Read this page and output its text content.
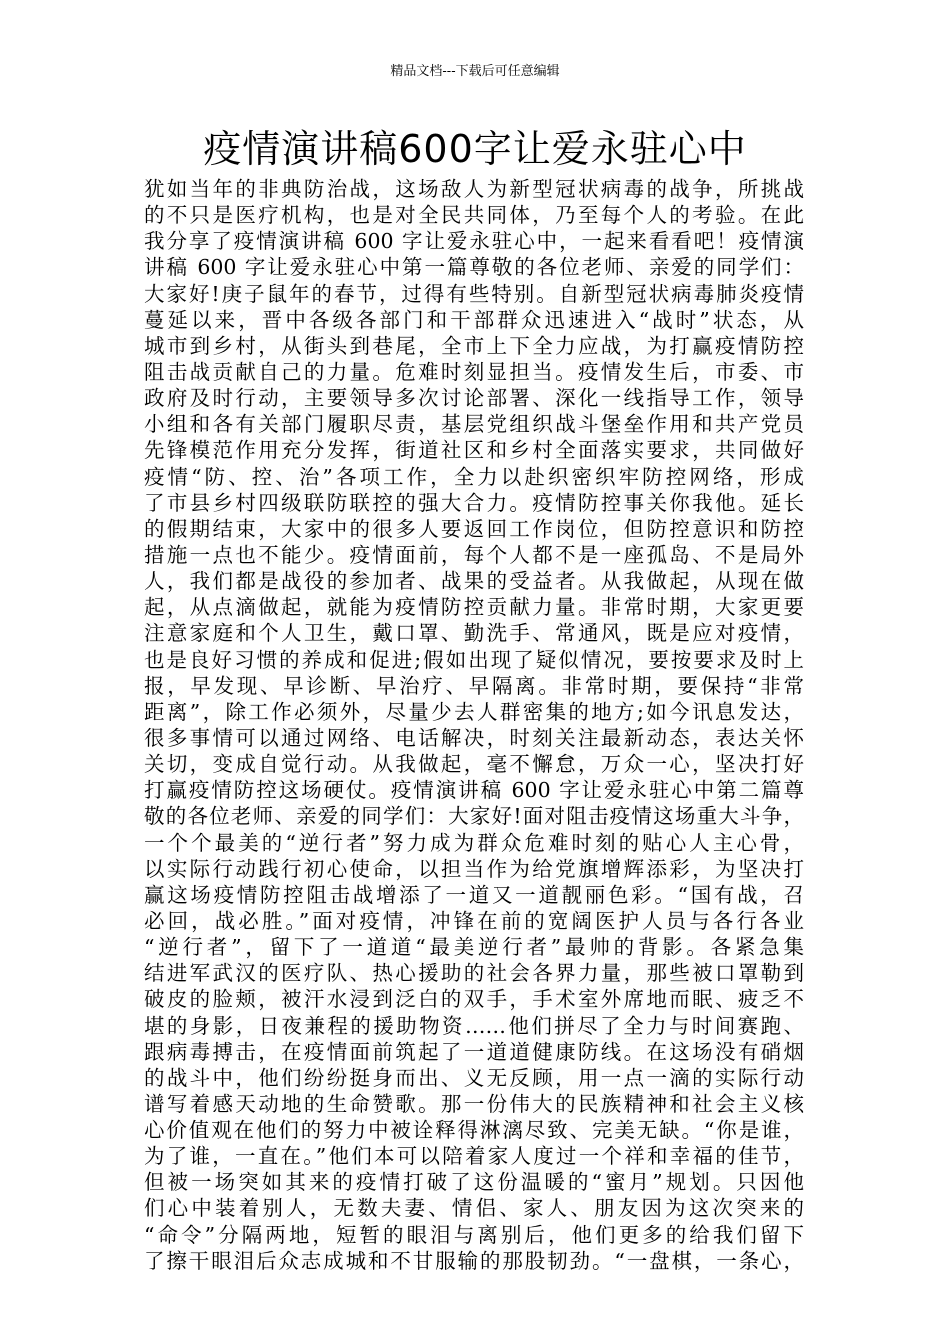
精品文档---下载后可任意编辑
疫情演讲稿600字让爱永驻心中
犹如当年的非典防治战，这场敌人为新型冠状病毒的战争，所挑战
的不只是医疗机构，也是对全民共同体，乃至每个人的考验。在此
我分享了疫情演讲稿 600 字让爱永驻心中，一起来看看吧！疫情演
讲稿 600 字让爱永驻心中第一篇尊敬的各位老师、亲爱的同学们：
大家好!庚子鼠年的春节，过得有些特别。自新型冠状病毒肺炎疫情
蔓延以来，晋中各级各部门和干部群众迅速进入“战时”状态，从
城市到乡村，从街头到巷尾，全市上下全力应战，为打赢疫情防控
阻击战贡献自己的力量。危难时刻显担当。疫情发生后，市委、市
政府及时行动，主要领导多次讨论部署、深化一线指导工作，领导
小组和各有关部门履职尽责，基层党组织战斗堡垒作用和共产党员
先锋模范作用充分发挥，街道社区和乡村全面落实要求，共同做好
疫情“防、控、治”各项工作，全力以赴织密织牢防控网络，形成
了市县乡村四级联防联控的强大合力。疫情防控事关你我他。延长
的假期结束，大家中的很多人要返回工作岗位，但防控意识和防控
措施一点也不能少。疫情面前，每个人都不是一座孤岛、不是局外
人，我们都是战役的参加者、战果的受益者。从我做起，从现在做
起，从点滴做起，就能为疫情防控贡献力量。非常时期，大家更要
注意家庭和个人卫生，戴口罩、勤洗手、常通风，既是应对疫情，
也是良好习惯的养成和促进;假如出现了疑似情况，要按要求及时上
报，早发现、早诊断、早治疗、早隔离。非常时期，要保持“非常
距离”，除工作必须外，尽量少去人群密集的地方;如今讯息发达，
很多事情可以通过网络、电话解决，时刻关注最新动态，表达关怀
关切，变成自觉行动。从我做起，毫不懈怠，万众一心，坚决打好
打赢疫情防控这场硬仗。疫情演讲稿 600 字让爱永驻心中第二篇尊
敬的各位老师、亲爱的同学们：大家好!面对阻击疫情这场重大斗争，
一个个最美的“逆行者”努力成为群众危难时刻的贴心人主心骨，
以实际行动践行初心使命，以担当作为给党旗增辉添彩，为坚决打
赢这场疫情防控阻击战增添了一道又一道靓丽色彩。“国有战，召
必回，战必胜。”面对疫情，冲锋在前的宽阔医护人员与各行各业
“逆行者”，留下了一道道“最美逆行者”最帅的背影。各紧急集
结进军武汉的医疗队、热心援助的社会各界力量，那些被口罩勒到
破皮的脸颊，被汗水浸到泛白的双手，手术室外席地而眠、疲乏不
堪的身影，日夜兼程的援助物资……他们拼尽了全力与时间赛跑、
跟病毒搏击，在疫情面前筑起了一道道健康防线。在这场没有硝烟
的战斗中，他们纷纷挺身而出、义无反顾，用一点一滴的实际行动
谱写着感天动地的生命赞歌。那一份伟大的民族精神和社会主义核
心价值观在他们的努力中被诠释得淋漓尽致、完美无缺。“你是谁，
为了谁，一直在。”他们本可以陪着家人度过一个祥和幸福的佳节，
但被一场突如其来的疫情打破了这份温暖的“蜜月”规划。只因他
们心中装着别人，无数夫妻、情侣、家人、朋友因为这次突来的
“命令”分隔两地，短暂的眼泪与离别后，他们更多的给我们留下
了擦干眼泪后众志成城和不甘服输的那股韧劲。“一盘棋，一条心，
